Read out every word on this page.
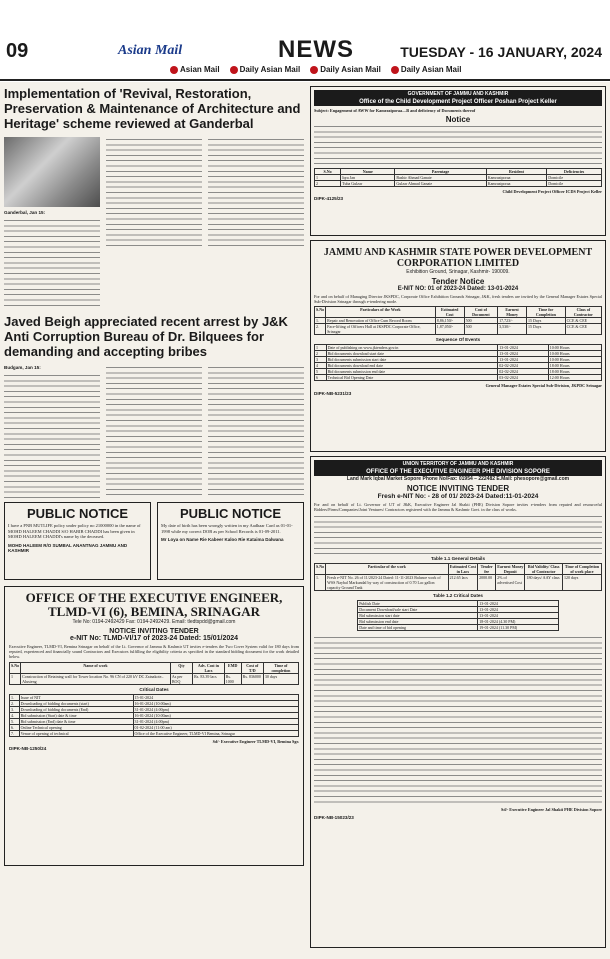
09	Asian Mail	NEWS	TUESDAY - 16 JANUARY, 2024
Asian Mail	Daily Asian Mail	Daily Asian Mail	Daily Asian Mail
Implementation of 'Revival, Restoration, Preservation & Maintenance of Architecture and Heritage' scheme reviewed at Ganderbal
Ganderbal, Jan 15:
Javed Beigh appreciated recent arrest by J&K Anti Corruption Bureau of Dr. Bilquees for demanding and accepting bribes
Budgam, Jan 15:
PUBLIC NOTICE

I have a PNB MUTLIFE policy under policy no 21000000 in the name of MOHD HALEEM CHADDI S/O HABIB CHADDI has been given in MOHD HALEEM CHADDI's name by the deceased.

MOHD HALEEM R/O SUMBAL ANANTNAG JAMMU AND KASHMIR
PUBLIC NOTICE

My date of birth has been wrongly written in my Aadhaar Card as 01-01-1998 while my correct DOB as per School Records is 01-09-2011.

Mr Loya on Name Rie Kabeer Kaloo Rie Kataima Dalwana
OFFICE OF THE EXECUTIVE ENGINEER, TLMD-VI (6), BEMINA, SRINAGAR
Tele No: 0194-2492429 Fax: 0194-2492429. Email: tledtspdd@gmail.com
NOTICE INVITING TENDER
e-NIT No: TLMD-VI/17 of 2023-24 Dated: 15/01/2024
Executive Engineer, TLMD-VI, Bemina Srinagar on behalf of the Lt. Governor of Jammu & Kashmir UT invites e-tenders the Two Cover System valid for 180 days from reputed, experienced and financially sound Contractors and Executors fulfilling the eligibility criteria as specified in the standard bidding document for the work detailed below.
S.No	Name of work	Qty	Adv. Cost in Lacs	EMD	Cost of T/D	Time of completion
1	Construction of Retaining wall for Tower location No. 96 CN of 220 kV DC Zainakote–Alusteng	As per BOQ	Rs. 83.39 lacs	Rs. 1000	Rs. 836000	30 days
Critical Dates
1.	Issue of NIT	15-01-2024
2.	Downloading of bidding documents (start)	16-01-2024 (10:00am)
3.	Downloading of bidding documents (End)	31-01-2024 (4:00pm)
4.	Bid submission (Start) date & time	16-01-2024 (10:00am)
5.	Bid submission (End) date & time	31-01-2024 (4:00pm)
6.	Online Technical opening	01-02-2024 (11:00 am)
7.	Venue of opening of technical	Office of the Executive Engineer, TLMD-VI Bemina, Srinagar
Sd/- Executive Engineer TLMD-VI, Bemina Sgr.
DIPK-NB-1250/24
GOVERNMENT OF JAMMU AND KASHMIR
Office of the Child Development Project Officer Poshan Project Keller
Subject: Engagement of AWW for Kamraziporaa—B and deficiency of Documents thereof
Notice
S.No	Name	Parentage	Resident	Deficiencies
1	Iqra Jan	Bashir Ahmad Ganaie	Kamraziporaa	Domicile
2	Tuba Gulzar	Gulzar Ahmad Ganaie	Kamraziporaa	Domicile
Child Development Project Officer ICDS Project Keller
DIPK-4125/23
JAMMU AND KASHMIR STATE POWER DEVELOPMENT CORPORATION LIMITED
Exhibition Ground, Srinagar, Kashmir- 190009.
Tender Notice
E-NIT NO: 01 of 2023-24 Dated: 13-01-2024
For and on behalf of Managing Director JKSPDC, Corporate Office Exhibition Grounds Srinagar, J&K, fresh tenders are invited by the General Manager Estates Special Sub-Division Srinagar through e-tendering mode.
S.No	Particulars of the Work	Estimated Cost	Cost of Document	Earnest Money	Time for Completion	Class of Contractor
1.	Repair and Renovation of Office Cum Record Room	8,86,150/-	500	17,723/-	15 Days	CCE & CEE
2.	Face-lifting of Officers Hall at JKSPDC Corporate Office, Srinagar	1,87,050/-	500	3,530/-	15 Days	CCE & CEE
Sequence Of Events
1	Date of publishing on www.jktenders.gov.in	13-01-2024	10:00 Hours
2	Bid documents download start date	13-01-2024	10:00 Hours
3	Bid documents submission start date	13-01-2024	10:00 Hours
4	Bid documents download end date	02-02-2024	18:00 Hours
5	Bid documents submission end date	02-02-2024	18:00 Hours
6	Technical Bid Opening Date	03-02-2024	12:00 Hours
General Manager Estates Special Sub-Division, JKPDC Srinagar
DIPK-NB-5231/23
UNION TERRITORY OF JAMMU AND KASHMIR
OFFICE OF THE EXECUTIVE ENGINEER PHE DIVISION SOPORE
Land Mark Iqbal Market Sopore Phone No/Fax: 01954 – 222482 E.Mail: phesopore@gmail.com
NOTICE INVITING TENDER
Fresh e-NIT No: - 28 of 01/ 2023-24 Dated:11-01-2024
For and on behalf of Lt. Governor of UT of J&K, Executive Engineer Jal Shakti (PHE) Division Sopore invites e-tenders from reputed and resourceful Bidders/Firms/Companies/Joint Ventures/ Contractors registered with the Jammu & Kashmir Govt. in the class of works.
Table 1.1 General Details
S.No	Particular of the work	Estimated Cost in Lacs	Tender fee	Earnest Money Deposit	Bid Validity/ Class of Contractor	Time of Completion of work place
1.	Fresh e-NIT No. 26 of 11/2023-24 Dated: 11-11-2023 Balance work of WSS Naybal Markundal by way of construction of 0.70 Lac gallon capacity Ground Tank	212.65 lacs	2000.00	2% of advertised Cost	180 days/ AAY class	120 days
Table 1.2 Critical Dates
Publish Date	13-01-2024
Document Download/sale start Date	13-01-2024
Bid submission start date	13-01-2024
Bid submission end date	18-01-2024 (4.30 PM)
Date and time of bid opening	19-01-2024 (11.30 PM)
Sd/- Executive Engineer Jal Shakti PHE Division Sopore
DIPK-NB-15023/23
